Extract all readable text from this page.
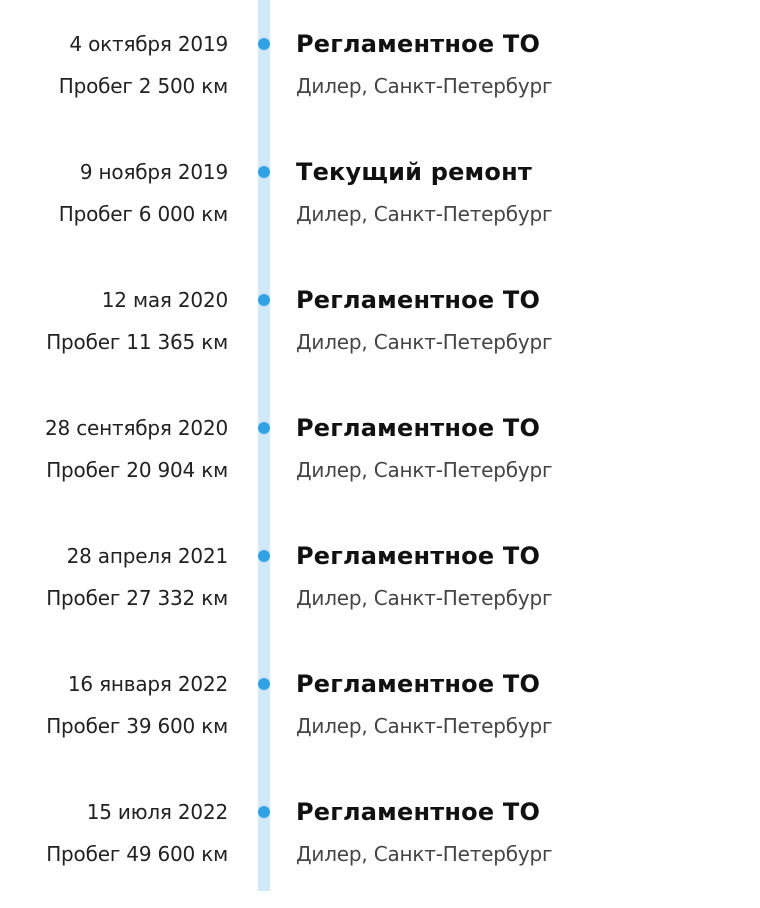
4 октября 2019
Пробег 2 500 км
Регламентное ТО
Дилер, Санкт-Петербург
9 ноября 2019
Пробег 6 000 км
Текущий ремонт
Дилер, Санкт-Петербург
12 мая 2020
Пробег 11 365 км
Регламентное ТО
Дилер, Санкт-Петербург
28 сентября 2020
Пробег 20 904 км
Регламентное ТО
Дилер, Санкт-Петербург
28 апреля 2021
Пробег 27 332 км
Регламентное ТО
Дилер, Санкт-Петербург
16 января 2022
Пробег 39 600 км
Регламентное ТО
Дилер, Санкт-Петербург
15 июля 2022
Пробег 49 600 км
Регламентное ТО
Дилер, Санкт-Петербург
